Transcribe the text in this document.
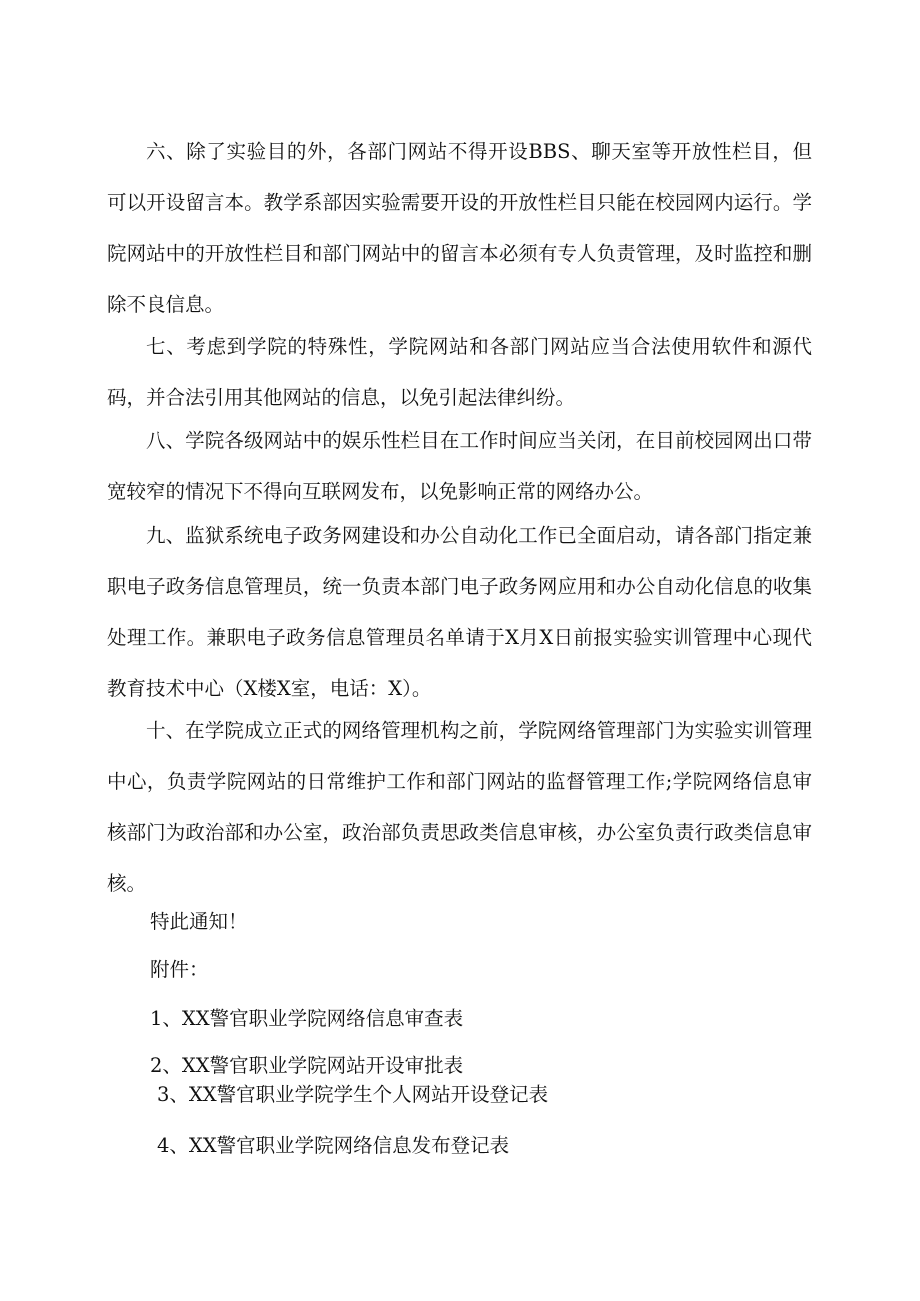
六、除了实验目的外，各部门网站不得开设BBS、聊天室等开放性栏目，但可以开设留言本。教学系部因实验需要开设的开放性栏目只能在校园网内运行。学院网站中的开放性栏目和部门网站中的留言本必须有专人负责管理，及时监控和删除不良信息。

七、考虑到学院的特殊性，学院网站和各部门网站应当合法使用软件和源代码，并合法引用其他网站的信息，以免引起法律纠纷。

八、学院各级网站中的娱乐性栏目在工作时间应当关闭，在目前校园网出口带宽较窄的情况下不得向互联网发布，以免影响正常的网络办公。

九、监狱系统电子政务网建设和办公自动化工作已全面启动，请各部门指定兼职电子政务信息管理员，统一负责本部门电子政务网应用和办公自动化信息的收集处理工作。兼职电子政务信息管理员名单请于X月X日前报实验实训管理中心现代教育技术中心（X楼X室，电话：X）。

十、在学院成立正式的网络管理机构之前，学院网络管理部门为实验实训管理中心，负责学院网站的日常维护工作和部门网站的监督管理工作;学院网络信息审核部门为政治部和办公室，政治部负责思政类信息审核，办公室负责行政类信息审核。

特此通知！

附件：

1、XX警官职业学院网络信息审查表

2、XX警官职业学院网站开设审批表

3、XX警官职业学院学生个人网站开设登记表

4、XX警官职业学院网络信息发布登记表
